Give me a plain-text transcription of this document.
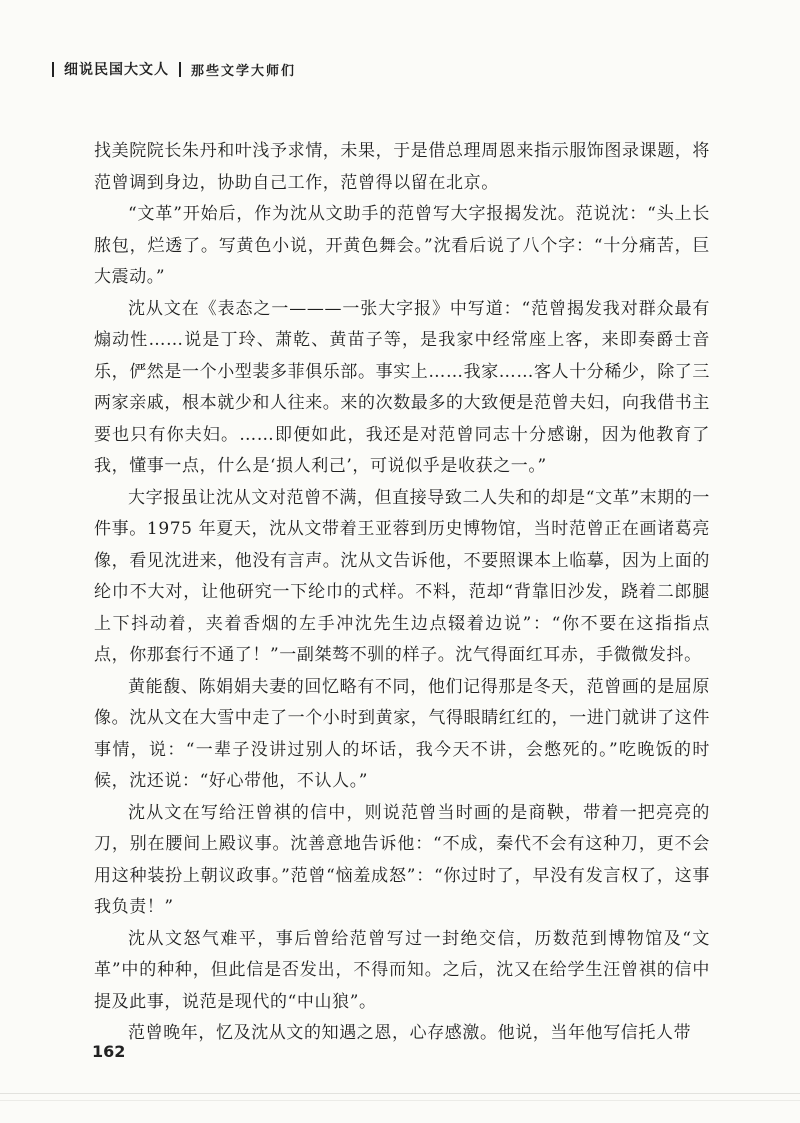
细说民国大文人 那些文学大师们

找美院院长朱丹和叶浅予求情，未果，于是借总理周恩来指示服饰图录课题，将范曾调到身边，协助自己工作，范曾得以留在北京。

“文革”开始后，作为沈从文助手的范曾写大字报揭发沈。范说沈：“头上长脓包，烂透了。写黄色小说，开黄色舞会。”沈看后说了八个字：“十分痛苦，巨大震动。”

沈从文在《表态之一———一张大字报》中写道：“范曾揭发我对群众最有煽动性……说是丁玲、萧乾、黄苗子等，是我家中经常座上客，来即奏爵士音乐，俨然是一个小型裴多菲俱乐部。事实上……我家……客人十分稀少，除了三两家亲戚，根本就少和人往来。来的次数最多的大致便是范曾夫妇，向我借书主要也只有你夫妇。……即便如此，我还是对范曾同志十分感谢，因为他教育了我，懂事一点，什么是‘损人利己’，可说似乎是收获之一。”

大字报虽让沈从文对范曾不满，但直接导致二人失和的却是“文革”末期的一件事。1975 年夏天，沈从文带着王亚蓉到历史博物馆，当时范曾正在画诸葛亮像，看见沈进来，他没有言声。沈从文告诉他，不要照课本上临摹，因为上面的纶巾不大对，让他研究一下纶巾的式样。不料，范却“背靠旧沙发，跷着二郎腿上下抖动着，夹着香烟的左手冲沈先生边点辍着边说”：“你不要在这指指点点，你那套行不通了！”一副桀骜不驯的样子。沈气得面红耳赤，手微微发抖。

黄能馥、陈娟娟夫妻的回忆略有不同，他们记得那是冬天，范曾画的是屈原像。沈从文在大雪中走了一个小时到黄家，气得眼睛红红的，一进门就讲了这件事情，说：“一辈子没讲过别人的坏话，我今天不讲，会憋死的。”吃晚饭的时候，沈还说：“好心带他，不认人。”

沈从文在写给汪曾祺的信中，则说范曾当时画的是商鞅，带着一把亮亮的刀，别在腰间上殿议事。沈善意地告诉他：“不成，秦代不会有这种刀，更不会用这种装扮上朝议政事。”范曾“恼羞成怒”：“你过时了，早没有发言权了，这事我负责！”

沈从文怒气难平，事后曾给范曾写过一封绝交信，历数范到博物馆及“文革”中的种种，但此信是否发出，不得而知。之后，沈又在给学生汪曾祺的信中提及此事，说范是现代的“中山狼”。

范曾晚年，忆及沈从文的知遇之恩，心存感激。他说，当年他写信托人带

162
